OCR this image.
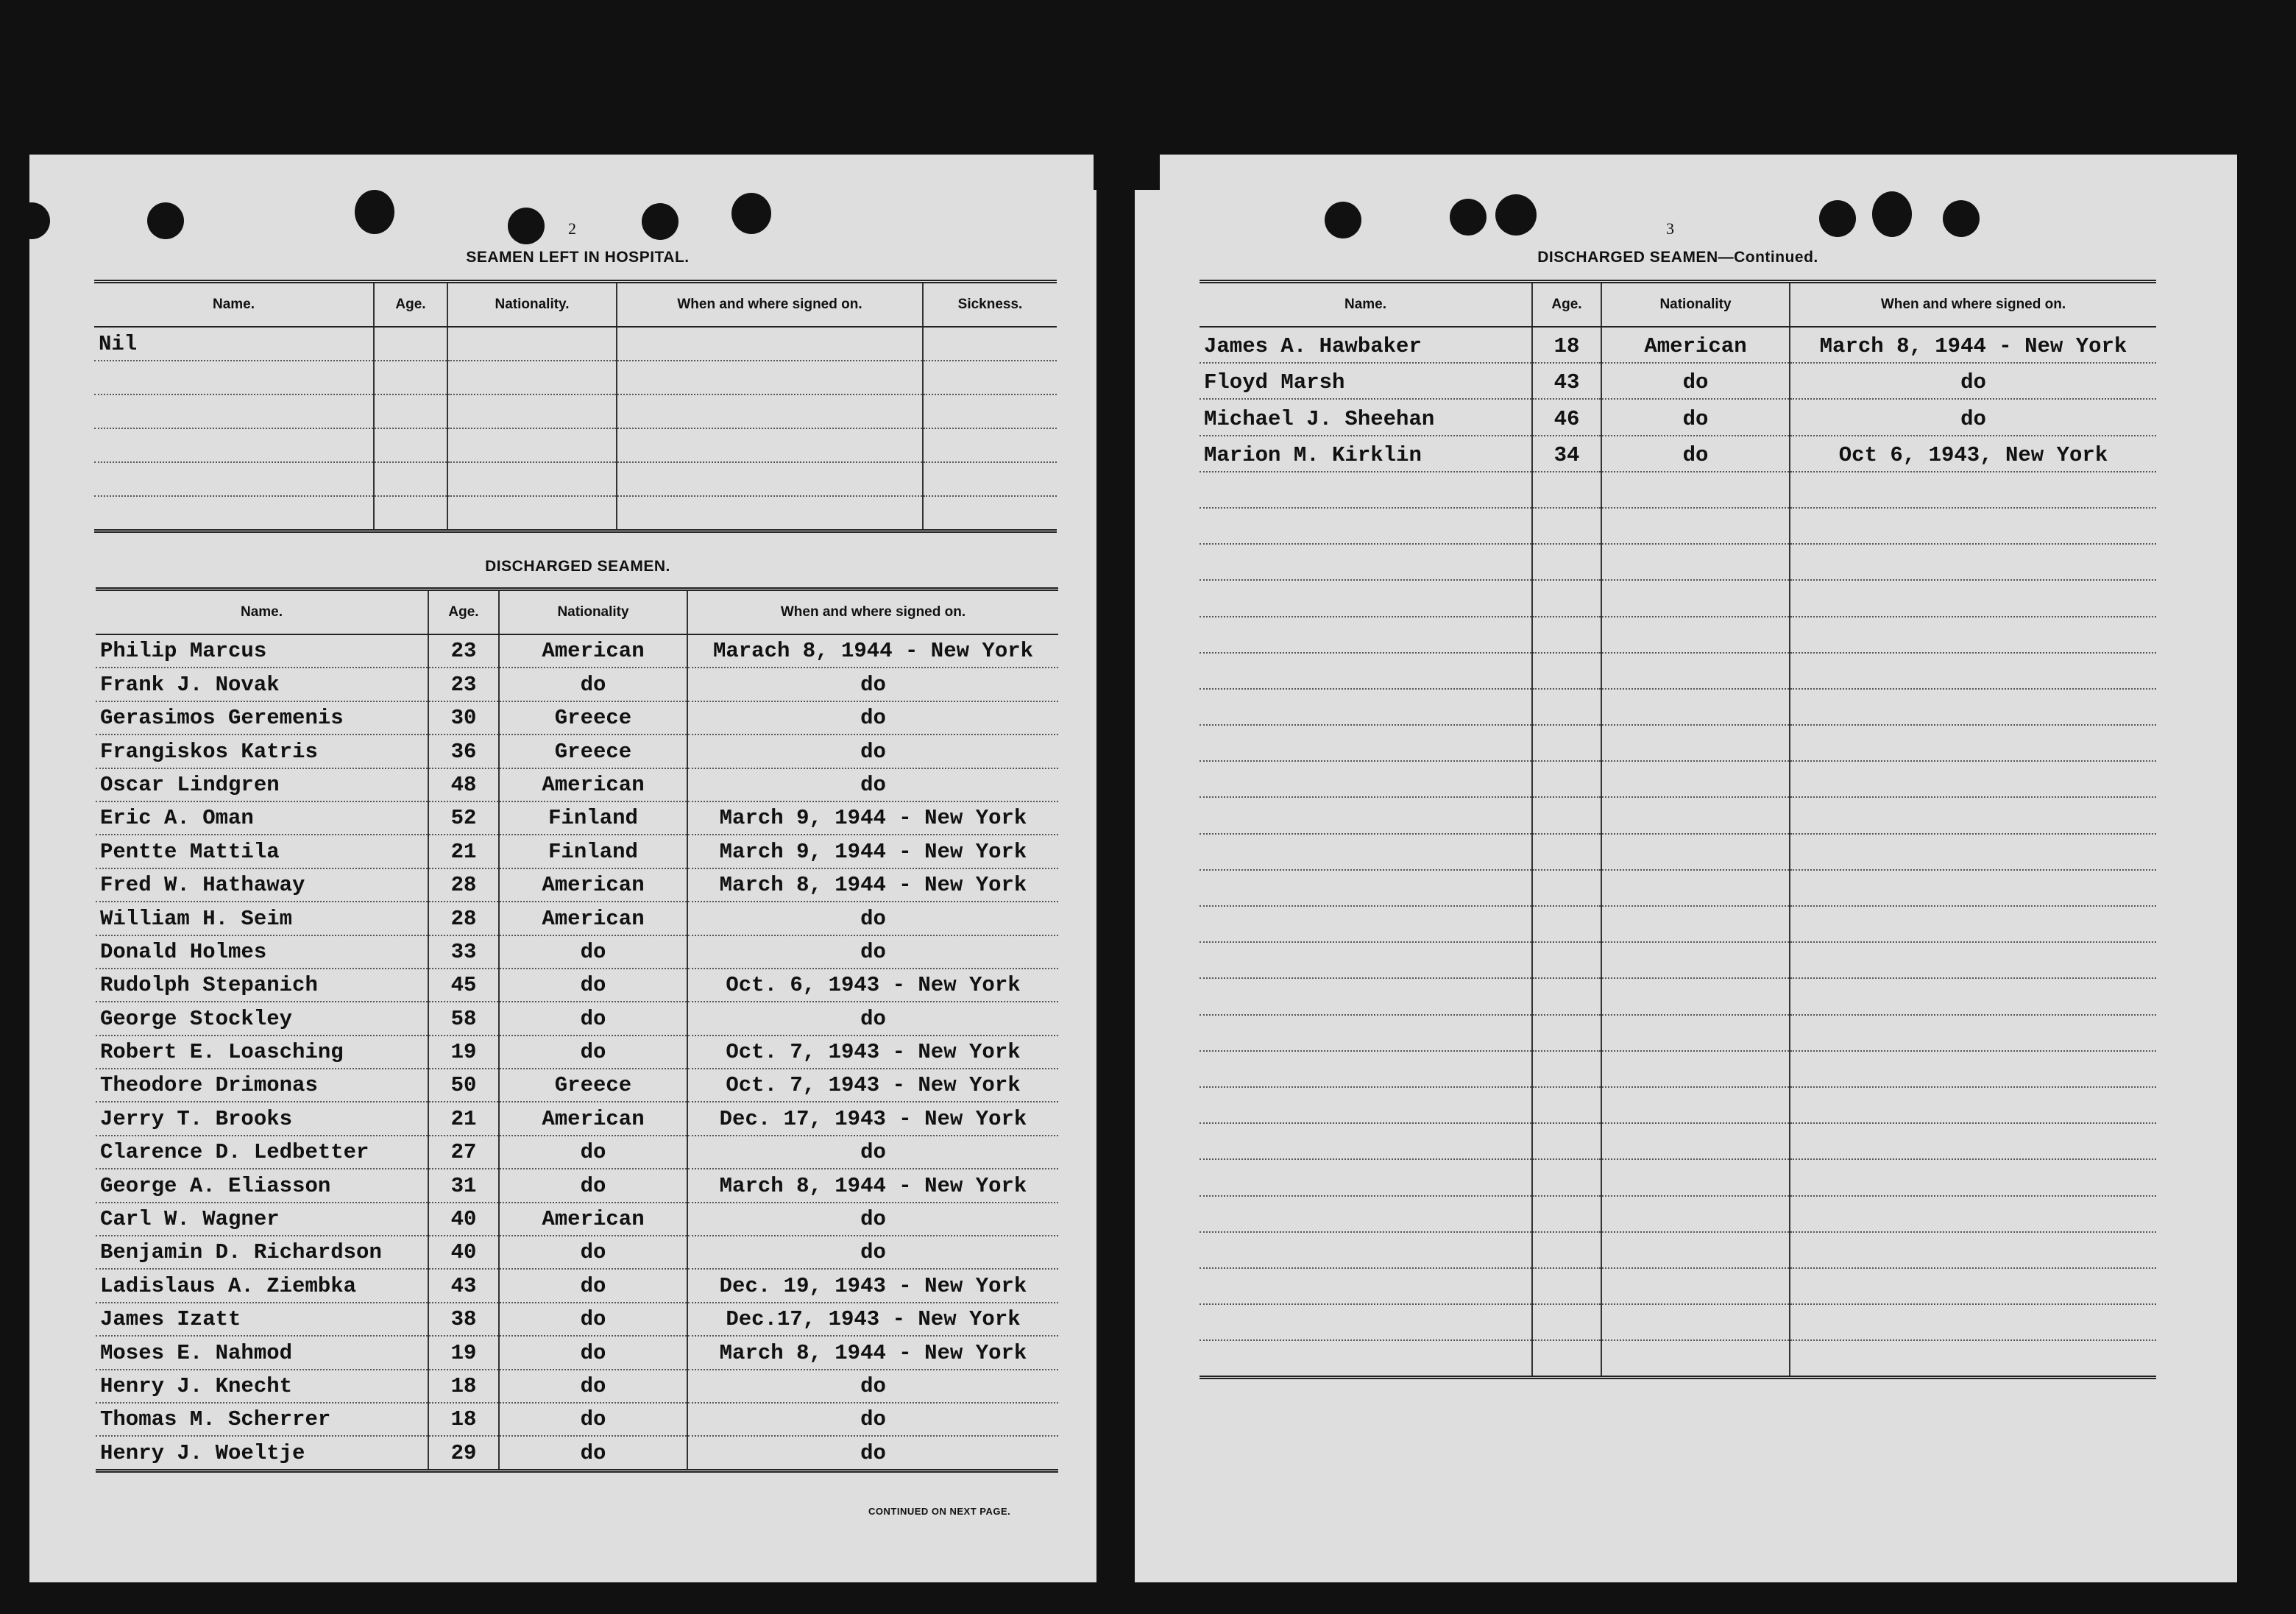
2
SEAMEN LEFT IN HOSPITAL.
Name.	Age.	Nationality.	When and where signed on.	Sickness.
Nil				

DISCHARGED SEAMEN.
Name.	Age.	Nationality	When and where signed on.
Philip Marcus	23	American	Marach 8, 1944 - New York
Frank J. Novak	23	do	do
Gerasimos Geremenis	30	Greece	do
Frangiskos Katris	36	Greece	do
Oscar Lindgren	48	American	do
Eric A. Oman	52	Finland	March 9, 1944 - New York
Pentte Mattila	21	Finland	March 9, 1944 - New York
Fred W. Hathaway	28	American	March 8, 1944 - New York
William H. Seim	28	American	do
Donald Holmes	33	do	do
Rudolph Stepanich	45	do	Oct. 6, 1943 - New York
George Stockley	58	do	do
Robert E. Loasching	19	do	Oct. 7, 1943 - New York
Theodore Drimonas	50	Greece	Oct. 7, 1943 - New York
Jerry T. Brooks	21	American	Dec. 17, 1943 - New York
Clarence D. Ledbetter	27	do	do
George A. Eliasson	31	do	March 8, 1944 - New York
Carl W. Wagner	40	American	do
Benjamin D. Richardson	40	do	do
Ladislaus A. Ziembka	43	do	Dec. 19, 1943 - New York
James Izatt	38	do	Dec.17, 1943 - New York
Moses E. Nahmod	19	do	March 8, 1944 - New York
Henry J. Knecht	18	do	do
Thomas M. Scherrer	18	do	do
Henry J. Woeltje	29	do	do
CONTINUED ON NEXT PAGE.
3
DISCHARGED SEAMEN—Continued.
Name.	Age.	Nationality	When and where signed on.
James A. Hawbaker	18	American	March 8, 1944 - New York
Floyd Marsh	43	do	do
Michael J. Sheehan	46	do	do
Marion M. Kirklin	34	do	Oct 6, 1943, New York
